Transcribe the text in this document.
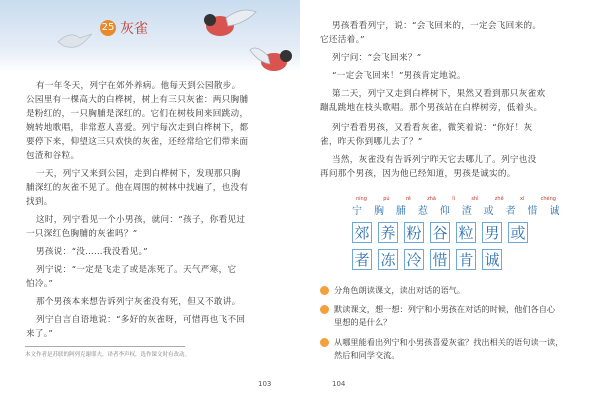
25 灰雀
有一年冬天，列宁在郊外养病。他每天到公园散步。
公园里有一棵高大的白桦树，树上有三只灰雀：两只胸脯
是粉红的，一只胸脯是深红的。它们在树枝间来回跳动，
婉转地歌唱，非常惹人喜爱。列宁每次走到白桦树下，都
要停下来，仰望这三只欢快的灰雀，还经常给它们带来面
包渣和谷粒。
一天，列宁又来到公园，走到白桦树下，发现那只胸
脯深红的灰雀不见了。他在周围的树林中找遍了，也没有
找到。
这时，列宁看见一个小男孩，就问：“孩子，你看见过
一只深红色胸脯的灰雀吗？”
男孩说：“没……我没看见。”
列宁说：“一定是飞走了或是冻死了。天气严寒，它
怕冷。”
那个男孩本来想告诉列宁灰雀没有死，但又不敢讲。
列宁自言自语地说：“多好的灰雀呀，可惜再也飞不回
来了。”
本文作者是苏联的阿列克谢耶夫，译者李声权，选作课文时有改动。
103
男孩看看列宁，说：“会飞回来的，一定会飞回来的。
它还活着。”
列宁问：“会飞回来？”
“一定会飞回来！”男孩肯定地说。
第二天，列宁又走到白桦树下，果然又看到那只灰雀欢
蹦乱跳地在枝头歌唱。那个男孩站在白桦树旁，低着头。
列宁看看男孩，又看看灰雀，微笑着说：“你好！灰
雀，昨天你到哪儿去了？”
当然，灰雀没有告诉列宁昨天它去哪儿了。列宁也没
再问那个男孩，因为他已经知道，男孩是诚实的。
níng	pú	rě	zhā	lì	shì	zhě	xī	chéng
宁 胸 脯 惹 仰 渣 或 者 惜 诚
郊 养 粉 谷 粒 男 或
者 冻 冷 惜 肯 诚
分角色朗读课文，读出对话的语气。
默读课文，想一想：列宁和小男孩在对话的时候，他们各自心
里想的是什么？
从哪里能看出列宁和小男孩喜爱灰雀？找出相关的语句读一读，
然后和同学交流。
104
